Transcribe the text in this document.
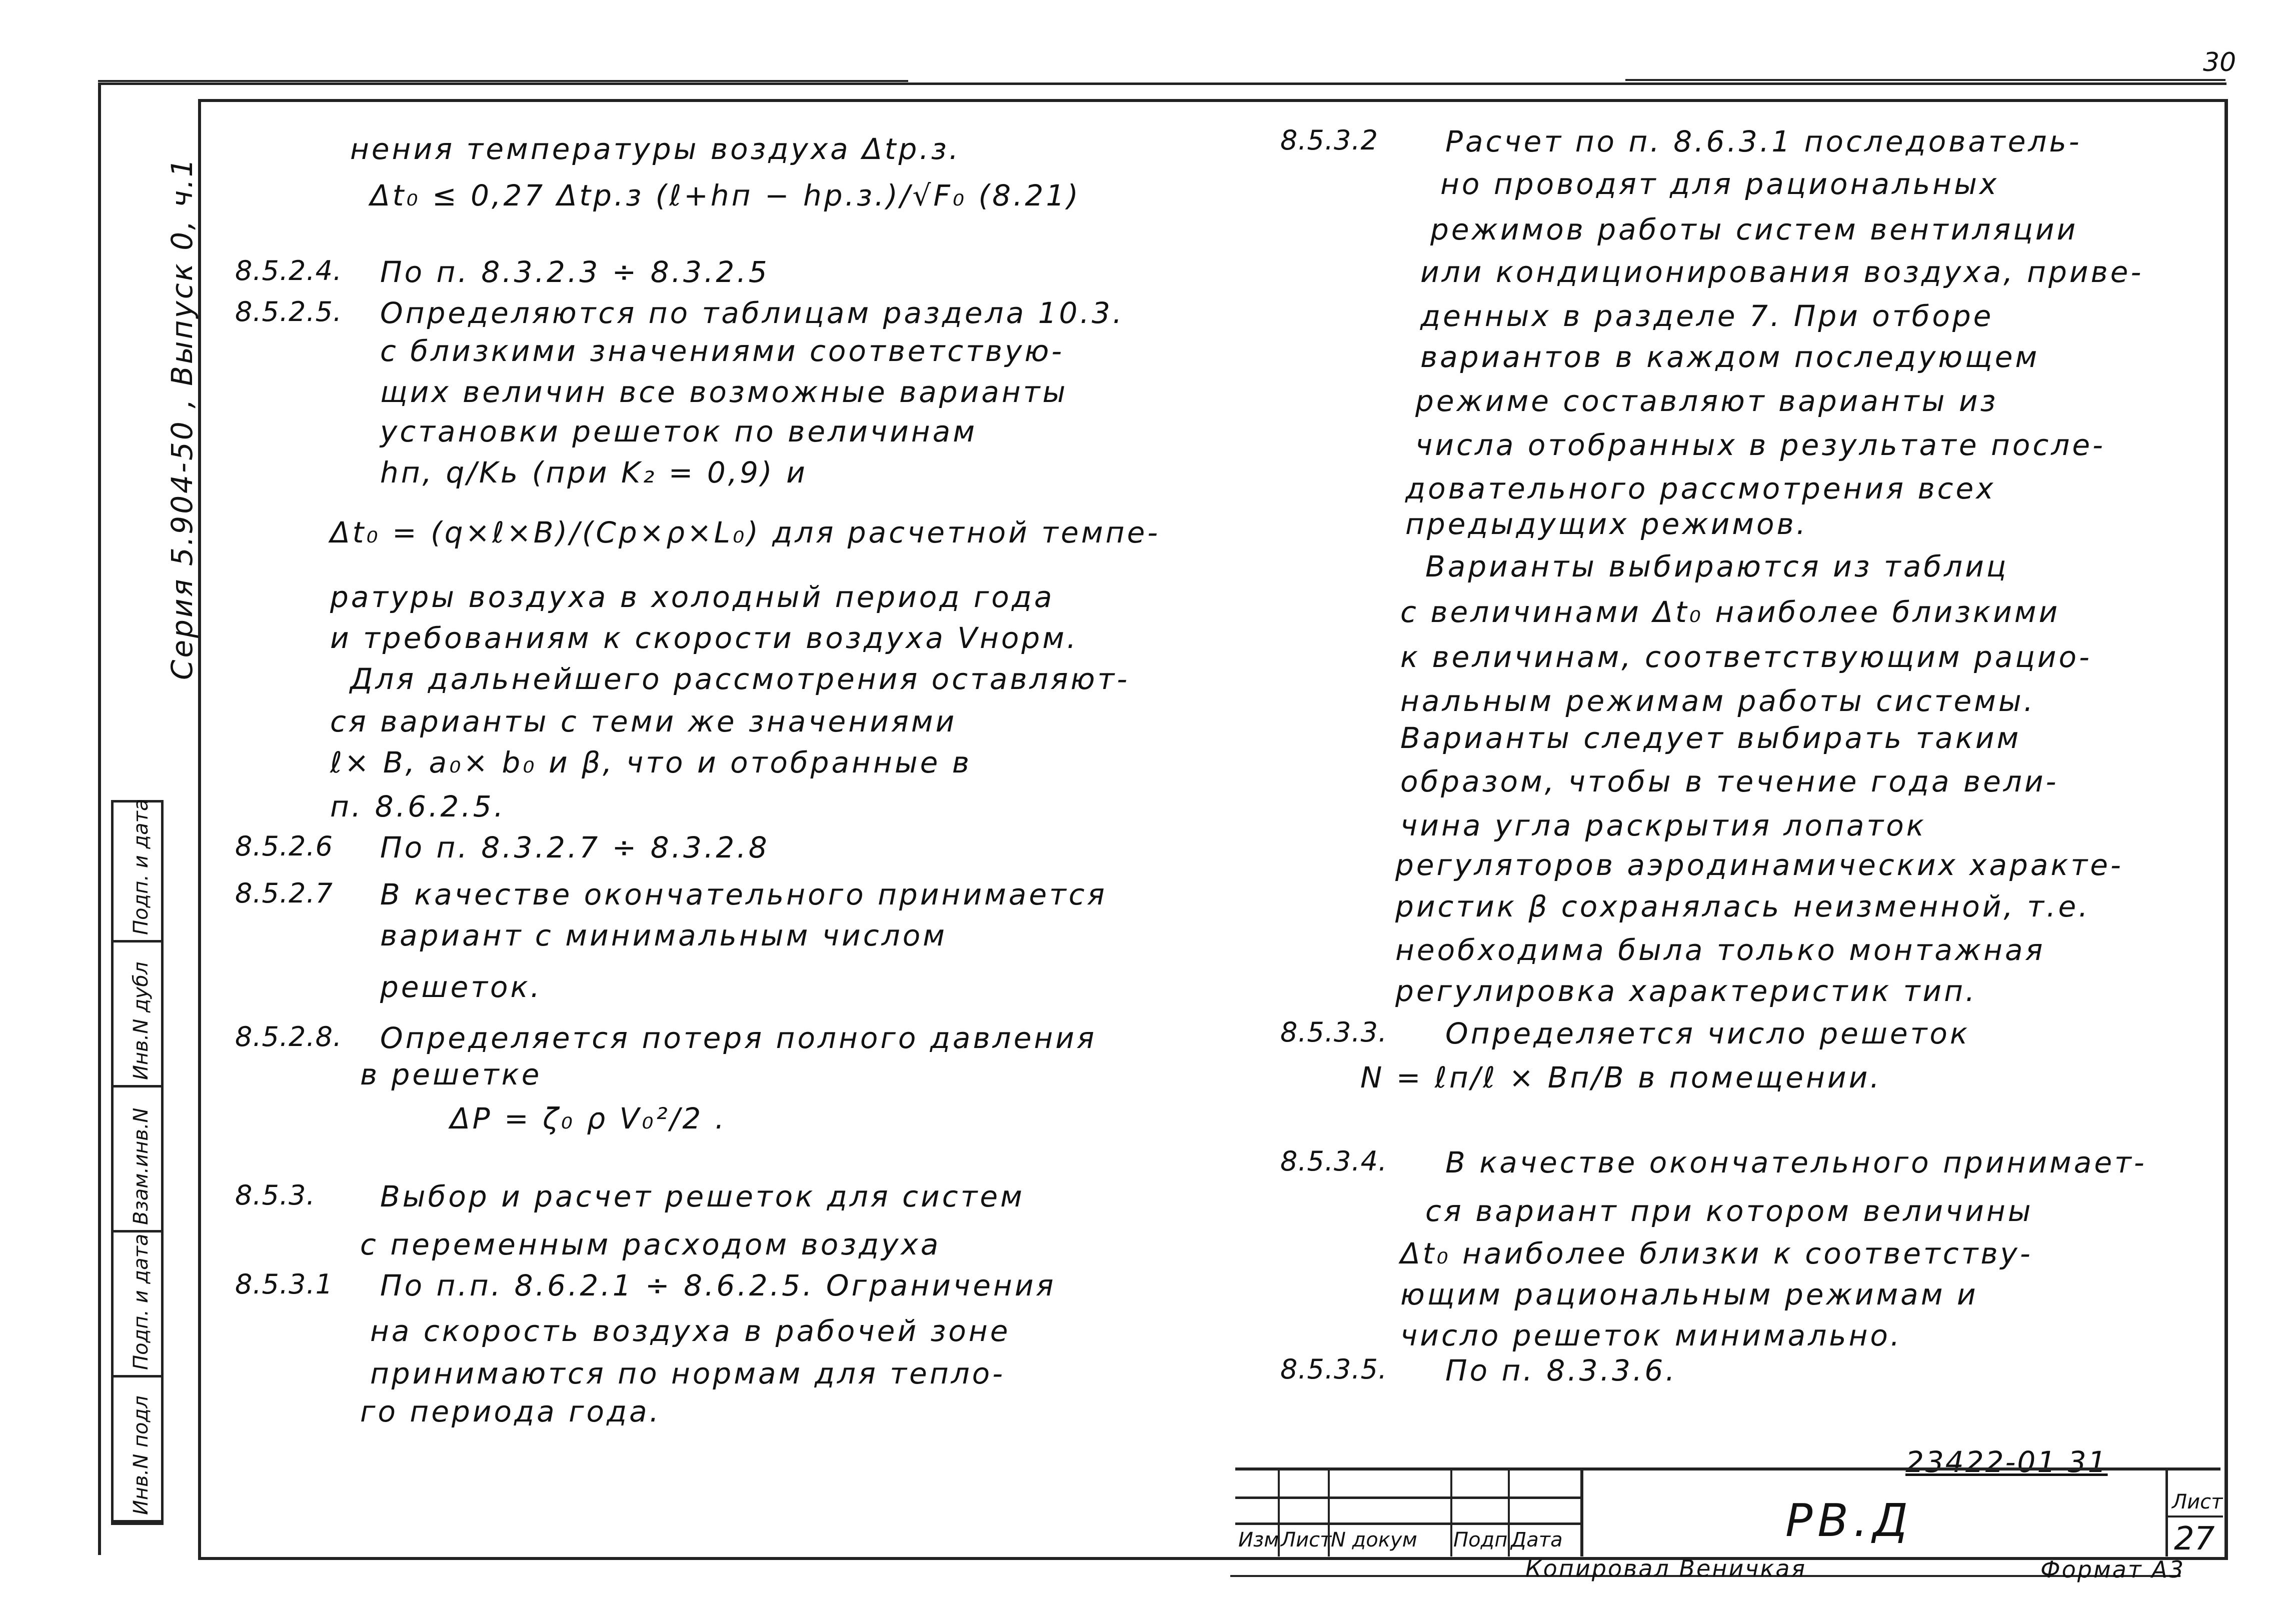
30
Серия 5.904-50 , Выпуск 0, ч.1
Инв.N подл
Подп. и дата
Взам.инв.N
Инв.N дубл
Подп. и дата
нения температуры воздуха Δtр.з.
Δt₀ ≤ 0,27 Δtр.з (ℓ+hп − hр.з.)/√F₀ (8.21)
8.5.2.4. По п. 8.3.2.3 ÷ 8.3.2.5
8.5.2.5. Определяются по таблицам раздела 10.3.
с близкими значениями соответствую-
щих величин все возможные варианты
установки решеток по величинам
hп, q/Kь (при K₂ = 0,9) и
Δt₀ = (q×ℓ×B)/(Cp×ρ×L₀) для расчетной темпе-
ратуры воздуха в холодный период года
и требованиям к скорости воздуха Vнорм.
Для дальнейшего рассмотрения оставляют-
ся варианты с теми же значениями
ℓ× B, a₀× b₀ и β, что и отобранные в
п. 8.6.2.5.
8.5.2.6 По п. 8.3.2.7 ÷ 8.3.2.8
8.5.2.7 В качестве окончательного принимается
вариант с минимальным числом
решеток.
8.5.2.8. Определяется потеря полного давления
в решетке
ΔP = ζ₀ ρ V₀²/2 .
8.5.3. Выбор и расчет решеток для систем
с переменным расходом воздуха
8.5.3.1 По п.п. 8.6.2.1 ÷ 8.6.2.5. Ограничения
на скорость воздуха в рабочей зоне
принимаются по нормам для тепло-
го периода года.
8.5.3.2 Расчет по п. 8.6.3.1 последователь-
но проводят для рациональных
режимов работы систем вентиляции
или кондиционирования воздуха, приве-
денных в разделе 7. При отборе
вариантов в каждом последующем
режиме составляют варианты из
числа отобранных в результате после-
довательного рассмотрения всех
предыдущих режимов.
Варианты выбираются из таблиц
с величинами Δt₀ наиболее близкими
к величинам, соответствующим рацио-
нальным режимам работы системы.
Варианты следует выбирать таким
образом, чтобы в течение года вели-
чина угла раскрытия лопаток
регуляторов аэродинамических характе-
ристик β сохранялась неизменной, т.е.
необходима была только монтажная
регулировка характеристик тип.
8.5.3.3. Определяется число решеток
N = ℓп/ℓ × Bп/B в помещении.
8.5.3.4. В качестве окончательного принимает-
ся вариант при котором величины
Δt₀ наиболее близки к соответству-
ющим рациональным режимам и
число решеток минимально.
8.5.3.5. По п. 8.3.3.6.
23422-01 31
Изм Лист
N докум Подп Дата	РВ.Д	Лист
27
Копировал Веничкая	Формат А3
